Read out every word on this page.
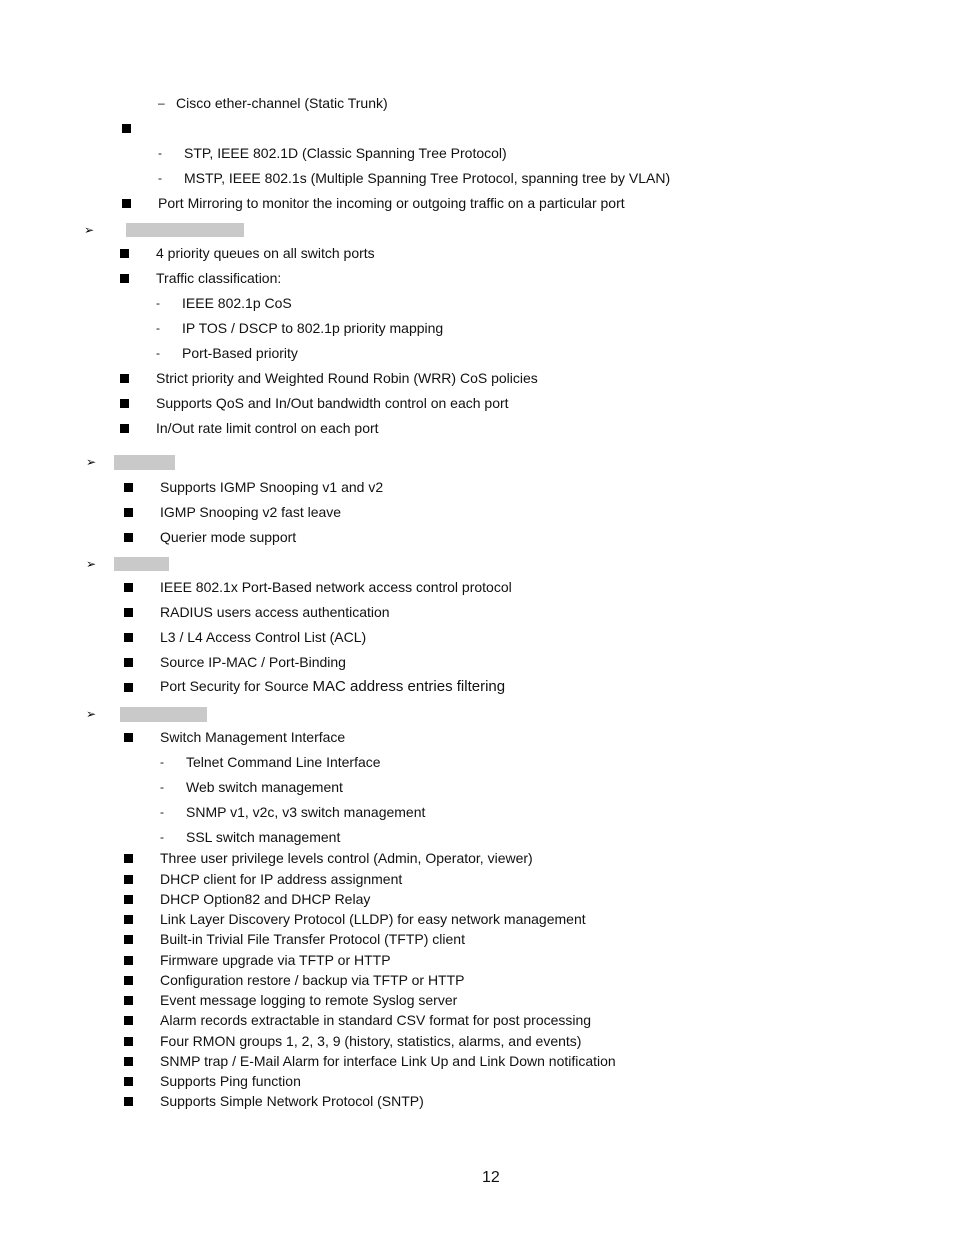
– Cisco ether-channel (Static Trunk)
- STP, IEEE 802.1D (Classic Spanning Tree Protocol)
- MSTP, IEEE 802.1s (Multiple Spanning Tree Protocol, spanning tree by VLAN)
Port Mirroring to monitor the incoming or outgoing traffic on a particular port
➢
4 priority queues on all switch ports
Traffic classification:
- IEEE 802.1p CoS
- IP TOS / DSCP to 802.1p priority mapping
- Port-Based priority
Strict priority and Weighted Round Robin (WRR) CoS policies
Supports QoS and In/Out bandwidth control on each port
In/Out rate limit control on each port
➢
Supports IGMP Snooping v1 and v2
IGMP Snooping v2 fast leave
Querier mode support
➢
IEEE 802.1x Port-Based network access control protocol
RADIUS users access authentication
L3 / L4 Access Control List (ACL)
Source IP-MAC / Port-Binding
Port Security for Source MAC address entries filtering
➢
Switch Management Interface
- Telnet Command Line Interface
- Web switch management
- SNMP v1, v2c, v3 switch management
- SSL switch management
Three user privilege levels control (Admin, Operator, viewer)
DHCP client for IP address assignment
DHCP Option82 and DHCP Relay
Link Layer Discovery Protocol (LLDP) for easy network management
Built-in Trivial File Transfer Protocol (TFTP) client
Firmware upgrade via TFTP or HTTP
Configuration restore / backup via TFTP or HTTP
Event message logging to remote Syslog server
Alarm records extractable in standard CSV format for post processing
Four RMON groups 1, 2, 3, 9 (history, statistics, alarms, and events)
SNMP trap / E-Mail Alarm for interface Link Up and Link Down notification
Supports Ping function
Supports Simple Network Protocol (SNTP)
12
